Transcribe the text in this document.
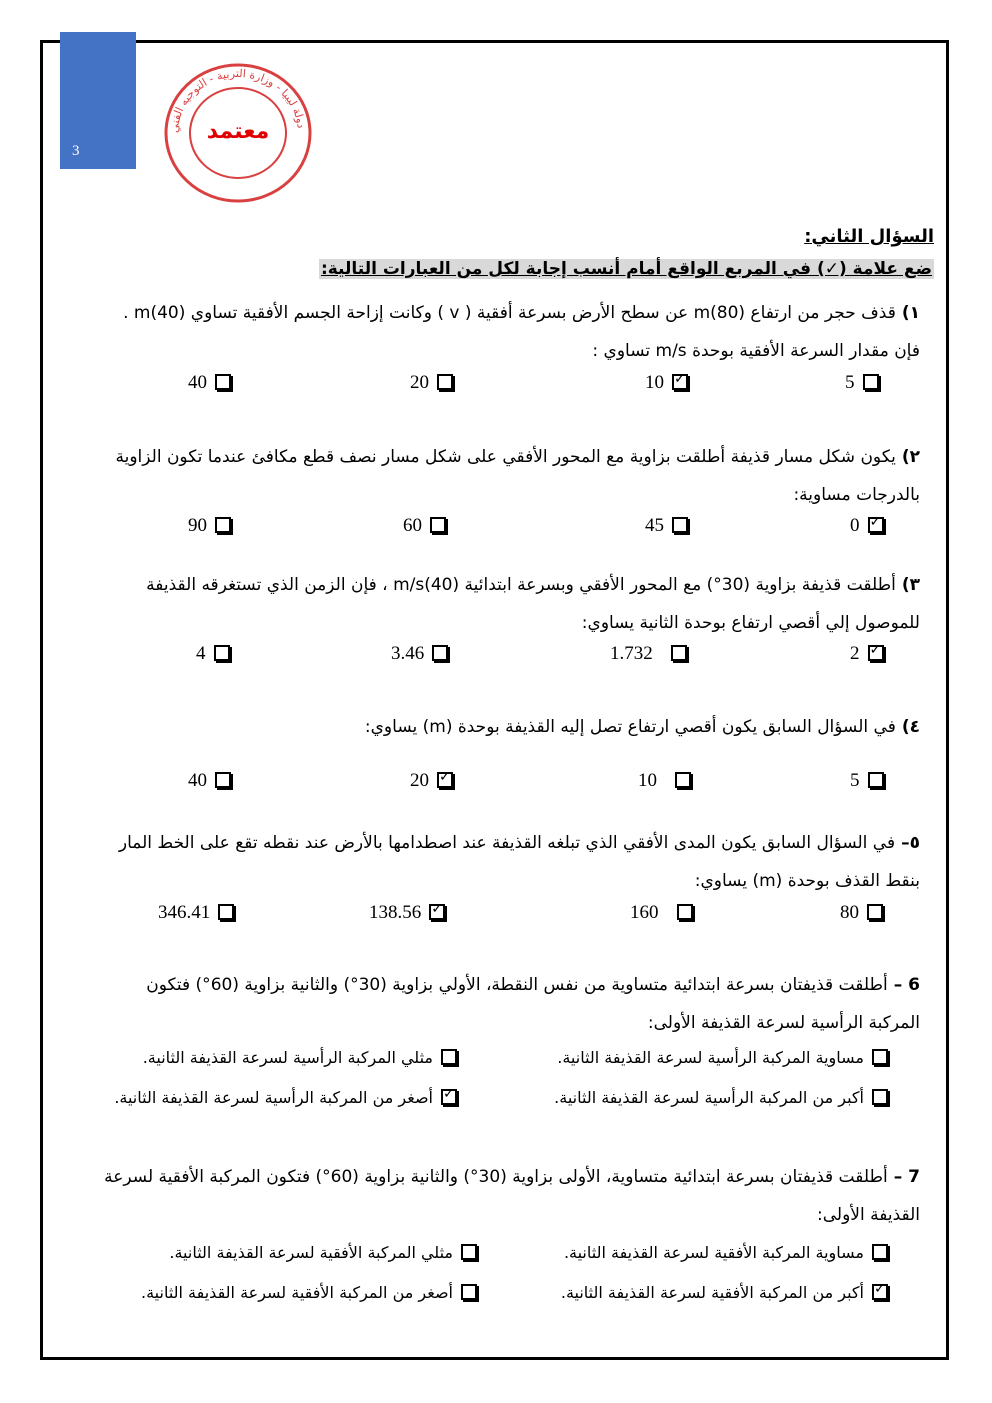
3
دولة ليبيا - وزارة التربية - التوجيه الفني
معتمد
السؤال الثاني:
ضع علامة (✓) في المربع الواقع أمام أنسب إجابة لكل من العبارات التالية:
١)قذف حجر من ارتفاع m(80) عن سطح الأرض بسرعة أفقية ( v ) وكانت إزاحة الجسم الأفقية تساوي m(40) .
فإن مقدار السرعة الأفقية بوحدة m/s تساوي :
5
10✓
20
40
٢)يكون شكل مسار قذيفة أطلقت بزاوية مع المحور الأفقي على شكل مسار نصف قطع مكافئ عندما تكون الزاوية
بالدرجات مساوية:
0✓
45
60
90
٣)أطلقت قذيفة بزاوية (30°) مع المحور الأفقي وبسرعة ابتدائية m/s(40) ، فإن الزمن الذي تستغرقه القذيفة
للموصول إلي أقصي ارتفاع بوحدة الثانية يساوي:
2✓
1.732
3.46
4
٤)في السؤال السابق يكون أقصي ارتفاع تصل إليه القذيفة بوحدة (m) يساوي:
5
10
20✓
40
٥–في السؤال السابق يكون المدى الأفقي الذي تبلغه القذيفة عند اصطدامها بالأرض عند نقطه تقع على الخط المار
بنقط القذف بوحدة (m) يساوي:
80
160
138.56✓
346.41
6 –أطلقت قذيفتان بسرعة ابتدائية متساوية من نفس النقطة، الأولي بزاوية (30°) والثانية بزاوية (60°) فتكون
المركبة الرأسية لسرعة القذيفة الأولى:
مساوية المركبة الرأسية لسرعة القذيفة الثانية.
مثلي المركبة الرأسية لسرعة القذيفة الثانية.
أكبر من المركبة الرأسية لسرعة القذيفة الثانية.
✓أصغر من المركبة الرأسية لسرعة القذيفة الثانية.
7 –أطلقت قذيفتان بسرعة ابتدائية متساوية، الأولى بزاوية (30°) والثانية بزاوية (60°) فتكون المركبة الأفقية لسرعة
القذيفة الأولى:
مساوية المركبة الأفقية لسرعة القذيفة الثانية.
مثلي المركبة الأفقية لسرعة القذيفة الثانية.
✓أكبر من المركبة الأفقية لسرعة القذيفة الثانية.
أصغر من المركبة الأفقية لسرعة القذيفة الثانية.
